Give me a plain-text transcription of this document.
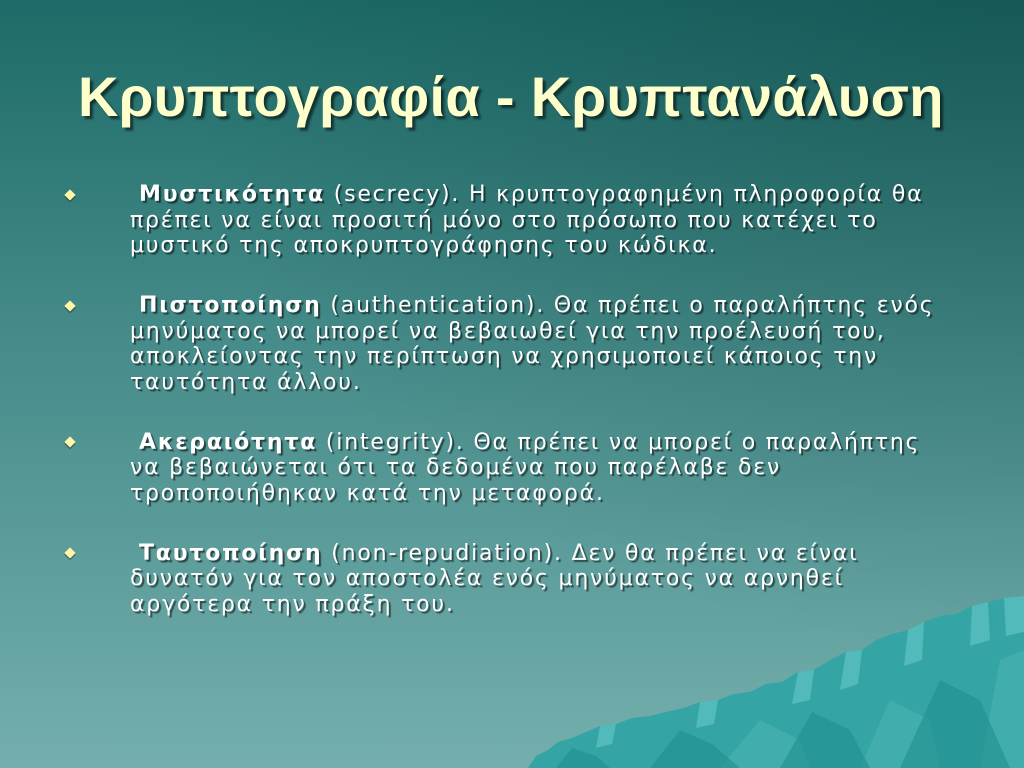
Κρυπτογραφία - Κρυπτανάλυση
Μυστικότητα (secrecy). Η κρυπτογραφημένη πληροφορία θα
πρέπει να είναι προσιτή μόνο στο πρόσωπο που κατέχει το
μυστικό της αποκρυπτογράφησης του κώδικα.
Πιστοποίηση (authentication). Θα πρέπει ο παραλήπτης ενός
μηνύματος να μπορεί να βεβαιωθεί για την προέλευσή του,
αποκλείοντας την περίπτωση να χρησιμοποιεί κάποιος την
ταυτότητα άλλου.
Ακεραιότητα (integrity). Θα πρέπει να μπορεί ο παραλήπτης
να βεβαιώνεται ότι τα δεδομένα που παρέλαβε δεν
τροποποιήθηκαν κατά την μεταφορά.
Ταυτοποίηση (non-repudiation). Δεν θα πρέπει να είναι
δυνατόν για τον αποστολέα ενός μηνύματος να αρνηθεί
αργότερα την πράξη του.
